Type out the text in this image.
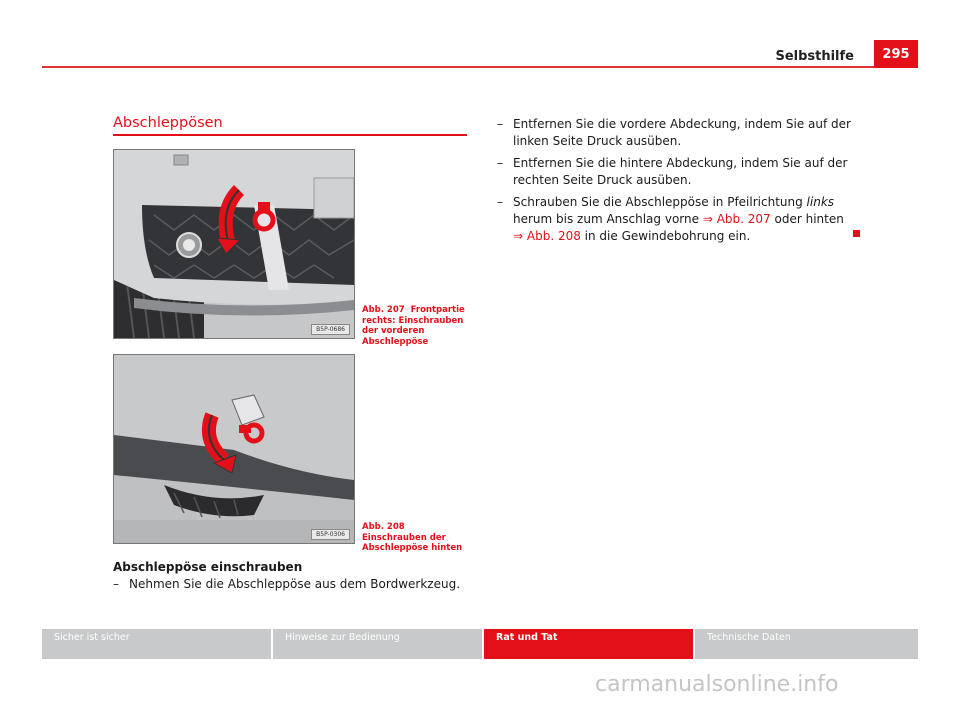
Selbsthilfe	295
Abschleppösen
B5P-0686
Abb. 207 Frontpartie rechts: Einschrauben der vorderen Abschleppöse
B5P-0306
Abb. 208  Einschrauben der Abschleppöse hinten
Abschleppöse einschrauben
– Nehmen Sie die Abschleppöse aus dem Bordwerkzeug.
– Entfernen Sie die vordere Abdeckung, indem Sie auf der linken Seite Druck ausüben.
– Entfernen Sie die hintere Abdeckung, indem Sie auf der rechten Seite Druck ausüben.
– Schrauben Sie die Abschleppöse in Pfeilrichtung links herum bis zum Anschlag vorne ⇒ Abb. 207 oder hinten ⇒ Abb. 208 in die Gewindebohrung ein.
Sicher ist sicher	Hinweise zur Bedienung	Rat und Tat	Technische Daten
carmanualsonline.info
